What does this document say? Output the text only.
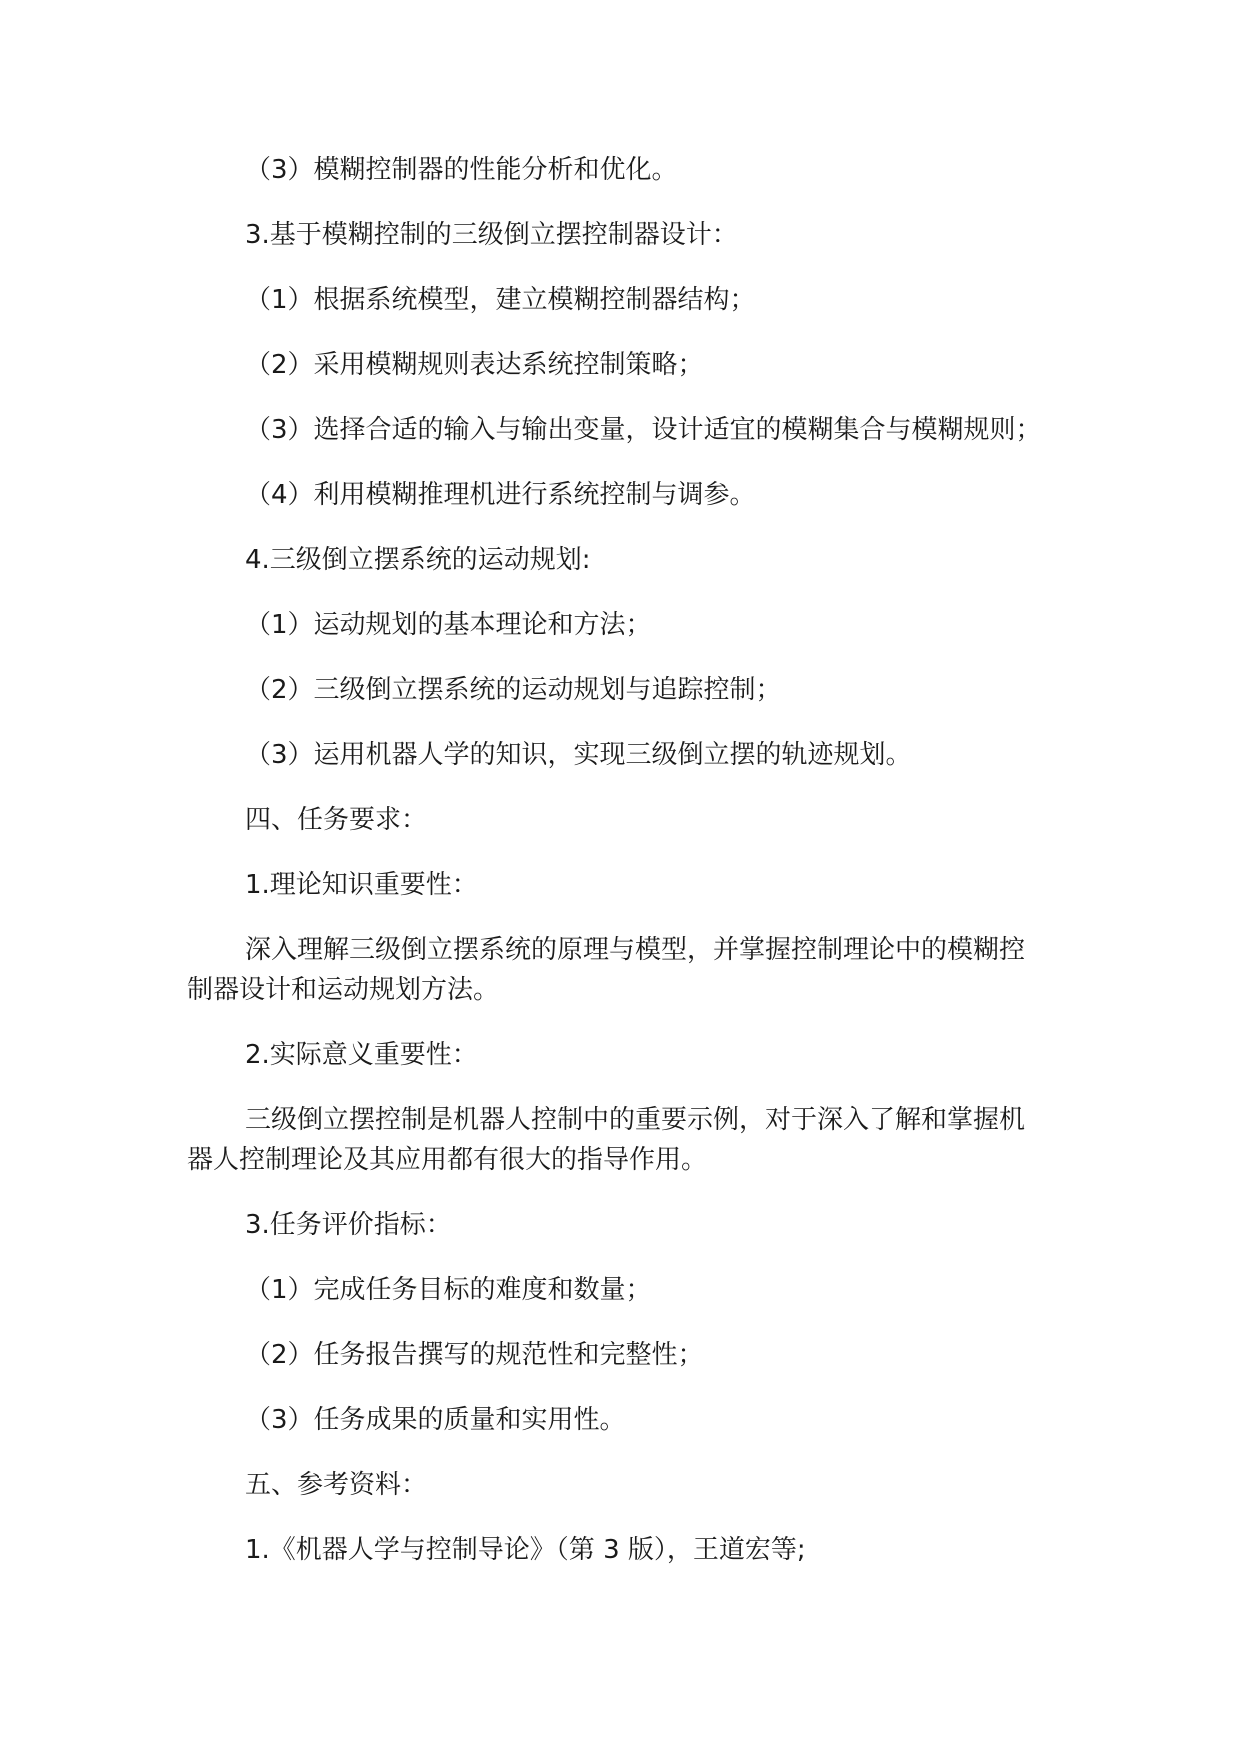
（3）模糊控制器的性能分析和优化。

3.基于模糊控制的三级倒立摆控制器设计：

（1）根据系统模型，建立模糊控制器结构；

（2）采用模糊规则表达系统控制策略；

（3）选择合适的输入与输出变量，设计适宜的模糊集合与模糊规则；

（4）利用模糊推理机进行系统控制与调参。

4.三级倒立摆系统的运动规划:

（1）运动规划的基本理论和方法；

（2）三级倒立摆系统的运动规划与追踪控制；

（3）运用机器人学的知识，实现三级倒立摆的轨迹规划。

四、任务要求：

1.理论知识重要性：

深入理解三级倒立摆系统的原理与模型，并掌握控制理论中的模糊控制器设计和运动规划方法。

2.实际意义重要性：

三级倒立摆控制是机器人控制中的重要示例，对于深入了解和掌握机器人控制理论及其应用都有很大的指导作用。

3.任务评价指标：

（1）完成任务目标的难度和数量；

（2）任务报告撰写的规范性和完整性；

（3）任务成果的质量和实用性。

五、参考资料：

1.《机器人学与控制导论》（第 3 版），王道宏等;
